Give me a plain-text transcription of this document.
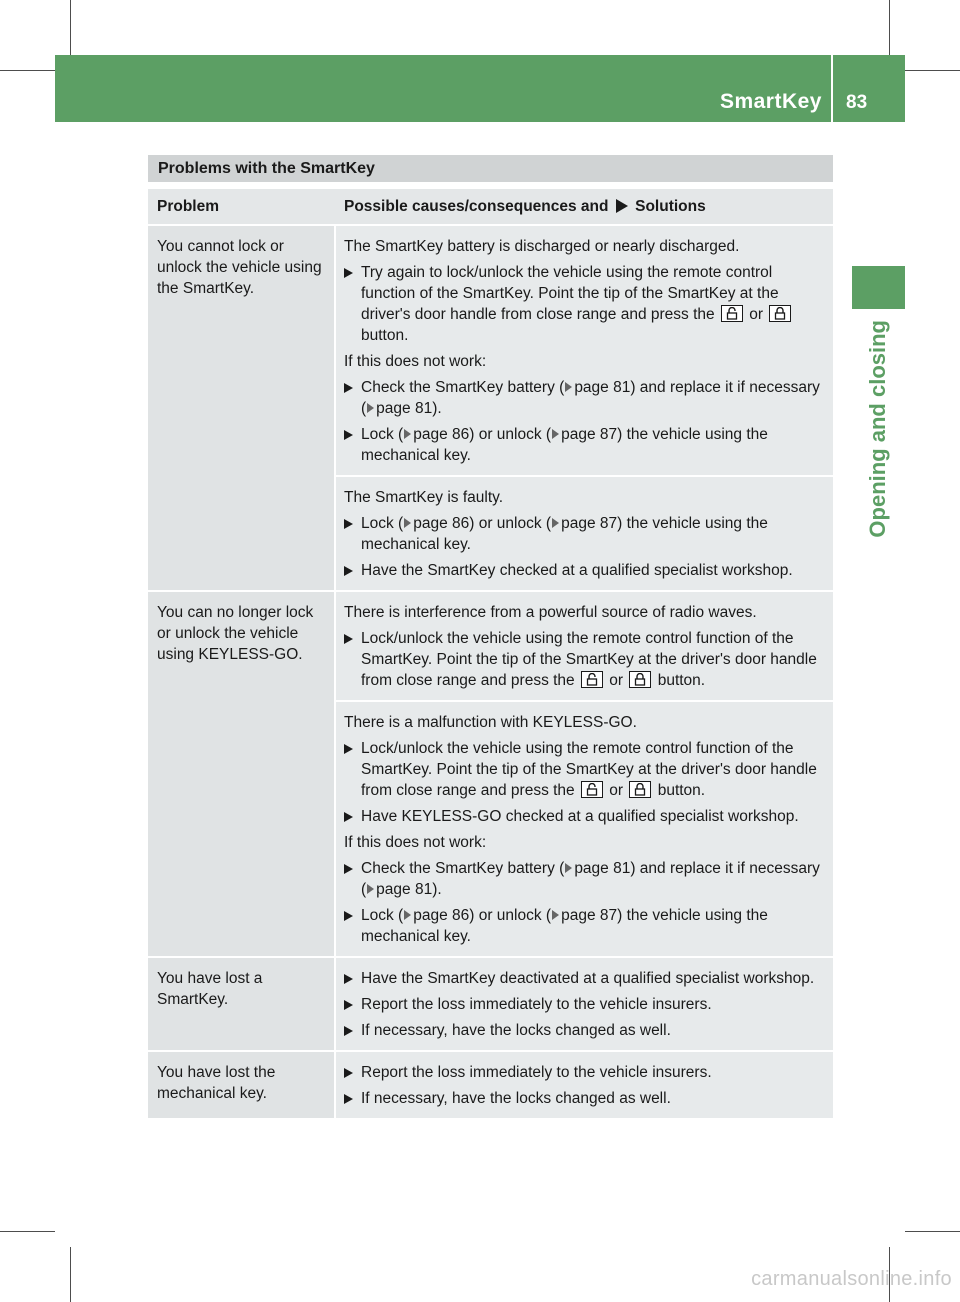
SmartKey 83
Opening and closing
Problems with the SmartKey
Problem	Possible causes/consequences and Solutions
You cannot lock or unlock the vehicle using the SmartKey.
The SmartKey battery is discharged or nearly discharged.
Try again to lock/unlock the vehicle using the remote control function of the SmartKey. Point the tip of the SmartKey at the driver's door handle from close range and press the
or
button.
If this does not work:
Check the SmartKey battery ( page 81) and replace it if necessary ( page 81).
Lock ( page 86) or unlock ( page 87) the vehicle using the mechanical key.
The SmartKey is faulty.
Lock ( page 86) or unlock ( page 87) the vehicle using the mechanical key.
Have the SmartKey checked at a qualified specialist workshop.
You can no longer lock or unlock the vehicle using KEYLESS-GO.
There is interference from a powerful source of radio waves.
Lock/unlock the vehicle using the remote control function of the SmartKey. Point the tip of the SmartKey at the driver's door handle from close range and press the
or
button.
There is a malfunction with KEYLESS-GO.
Lock/unlock the vehicle using the remote control function of the SmartKey. Point the tip of the SmartKey at the driver's door handle from close range and press the
or
button.
Have KEYLESS-GO checked at a qualified specialist workshop.
If this does not work:
Check the SmartKey battery ( page 81) and replace it if necessary ( page 81).
Lock ( page 86) or unlock ( page 87) the vehicle using the mechanical key.
You have lost a SmartKey.
Have the SmartKey deactivated at a qualified specialist workshop.
Report the loss immediately to the vehicle insurers.
If necessary, have the locks changed as well.
You have lost the mechanical key.
Report the loss immediately to the vehicle insurers.
If necessary, have the locks changed as well.
carmanualsonline.info
